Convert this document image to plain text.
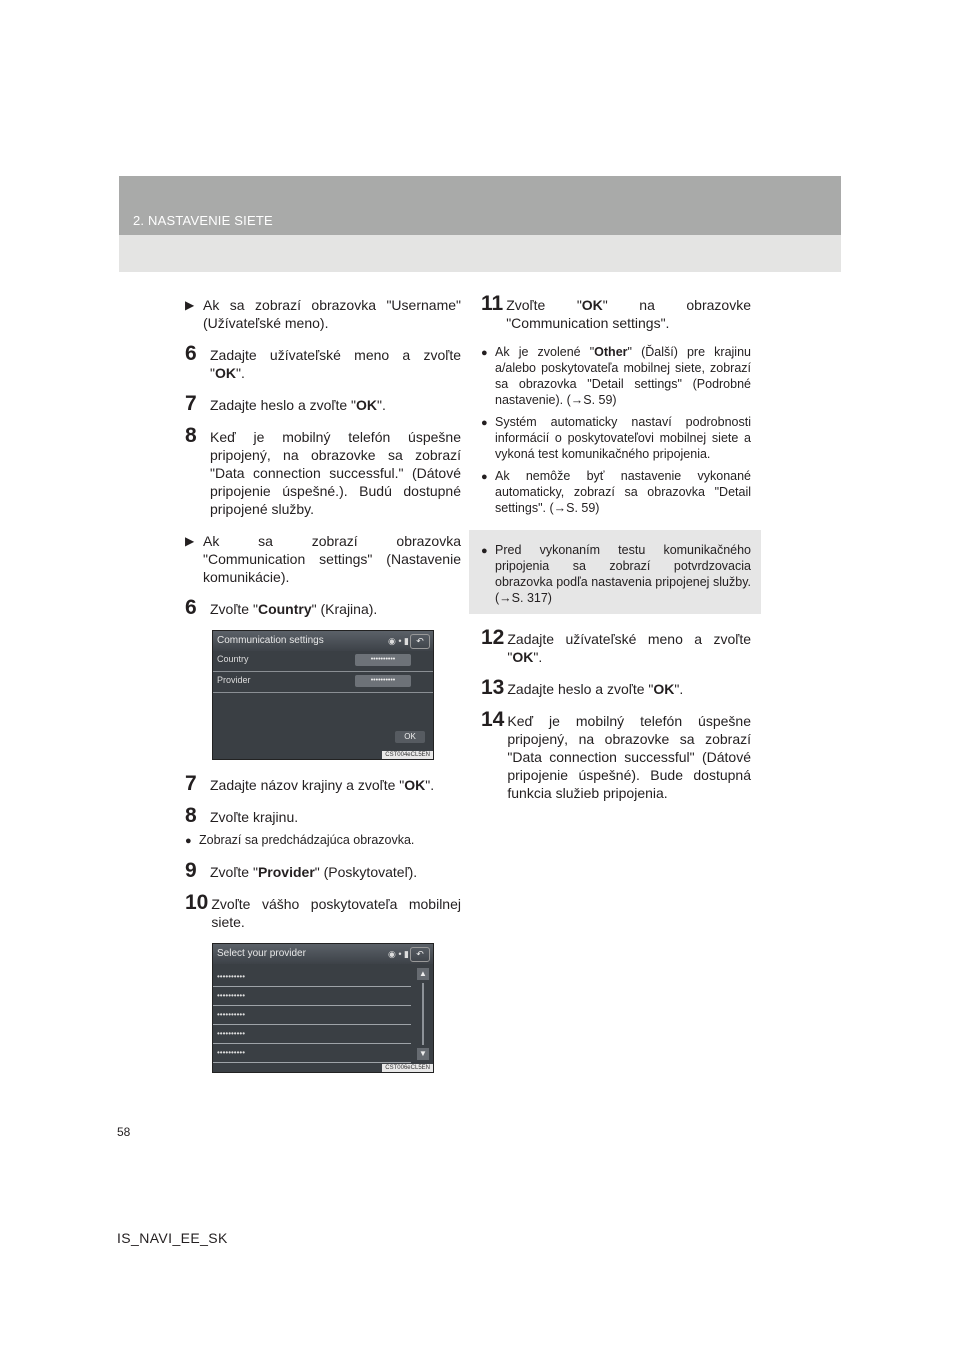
2. NASTAVENIE SIETE
▶ Ak sa zobrazí obrazovka "Username" (Užívateľské meno).
6 Zadajte užívateľské meno a zvoľte "OK".
7 Zadajte heslo a zvoľte "OK".
8 Keď je mobilný telefón úspešne pripojený, na obrazovke sa zobrazí "Data connection successful." (Dátové pripojenie úspešné.). Budú dostupné pripojené služby.
▶ Ak sa zobrazí obrazovka "Communication settings" (Nastavenie komunikácie).
6 Zvoľte "Country" (Krajina).
Communication settings	◉ • ▮ ↶
Country	••••••••••
Provider	••••••••••
OK
CST004eCL5EN
7 Zadajte názov krajiny a zvoľte "OK".
8 Zvoľte krajinu.
● Zobrazí sa predchádzajúca obrazovka.
9 Zvoľte "Provider" (Poskytovateľ).
10 Zvoľte vášho poskytovateľa mobilnej siete.
Select your provider	◉ • ▮ ↶
••••••••••
••••••••••
••••••••••
••••••••••
••••••••••
▲
▼
CST006eCL5EN
11 Zvoľte "OK" na obrazovke "Communication settings".
● Ak je zvolené "Other" (Ďalší) pre krajinu a/alebo poskytovateľa mobilnej siete, zobrazí sa obrazovka "Detail settings" (Podrobné nastavenie). (→S. 59)
● Systém automaticky nastaví podrobnosti informácií o poskytovateľovi mobilnej siete a vykoná test komunikačného pripojenia.
● Ak nemôže byť nastavenie vykonané automaticky, zobrazí sa obrazovka "Detail settings". (→S. 59)
● Pred vykonaním testu komunikačného pripojenia sa zobrazí potvrdzovacia obrazovka podľa nastavenia pripojenej služby. (→S. 317)
12 Zadajte užívateľské meno a zvoľte "OK".
13 Zadajte heslo a zvoľte "OK".
14 Keď je mobilný telefón úspešne pripojený, na obrazovke sa zobrazí "Data connection successful" (Dátové pripojenie úspešné). Bude dostupná funkcia služieb pripojenia.
58
IS_NAVI_EE_SK
